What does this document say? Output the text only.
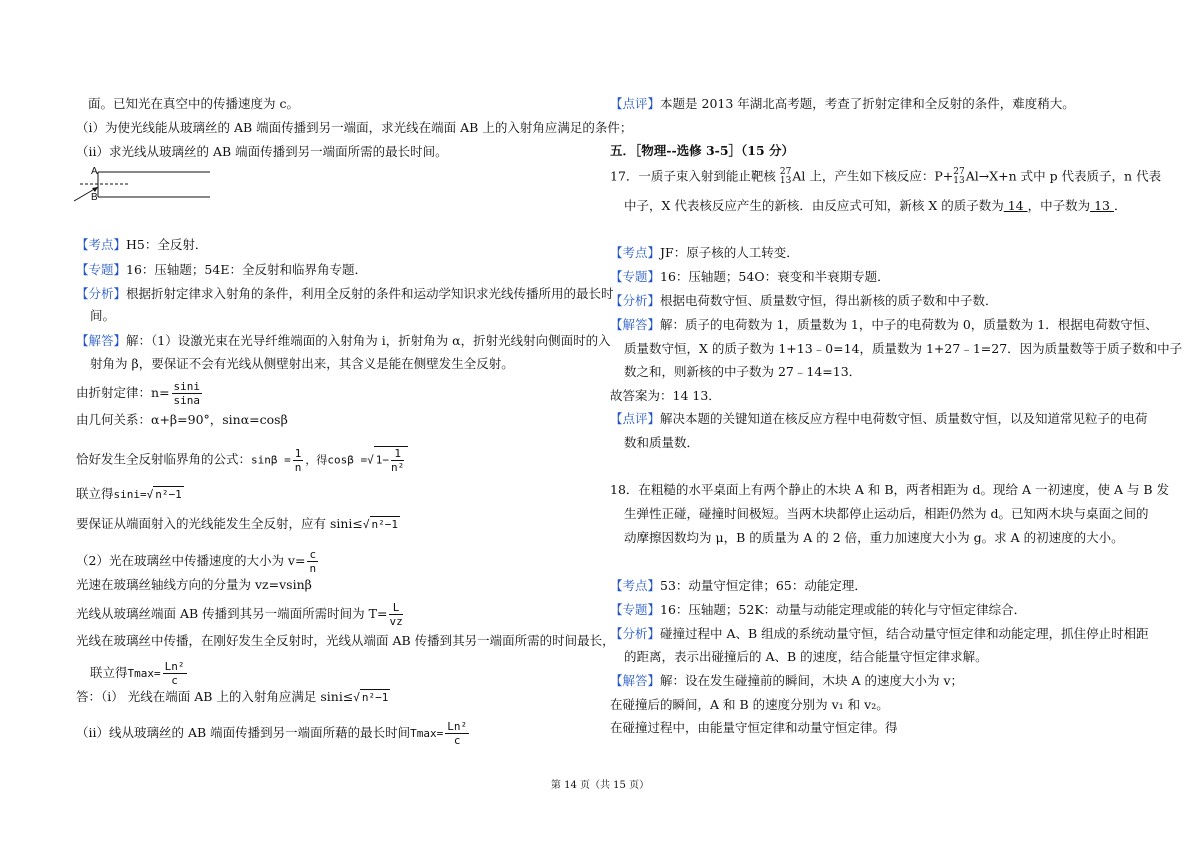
面。已知光在真空中的传播速度为 c。
（i）为使光线能从玻璃丝的 AB 端面传播到另一端面，求光线在端面 AB 上的入射角应满足的条件；
（ii）求光线从玻璃丝的 AB 端面传播到另一端面所需的最长时间。
A
B
【考点】H5：全反射．
【专题】16：压轴题；54E：全反射和临界角专题．
【分析】根据折射定律求入射角的条件，利用全反射的条件和运动学知识求光线传播所用的最长时
间。
【解答】解：（1）设激光束在光导纤维端面的入射角为 i，折射角为 α，折射光线射向侧面时的入
射角为 β，要保证不会有光线从侧壁射出来，其含义是能在侧壁发生全反射。
由折射定律：$n= \frac{\sin i}{\sin a}$
由几何关系：α+β=90°，sinα=cosβ
恰好发生全反射临界角的公式：$\sin\beta = \frac{1}{n}$ ，得cosβ =√ $1- \frac{1}{\text{n²}}$
联立得sini=√ n²−1
要保证从端面射入的光线能发生全反射，应有 sini≤√ n²−1
（2）光在玻璃丝中传播速度的大小为 $v= \frac{c}{n}$
光速在玻璃丝轴线方向的分量为 vz=vsinβ
光线从玻璃丝端面 AB 传播到其另一端面所需时间为 $T= \frac{L}{vz}$
光线在玻璃丝中传播，在刚好发生全反射时，光线从端面 AB 传播到其另一端面所需的时间最长，
联立得$Tmax= \frac{\text{Ln²}}{c}$
答：（i） 光线在端面 AB 上的入射角应满足 sini≤√ n²−1
（ii）线从玻璃丝的 AB 端面传播到另一端面所藉的最长时间$Tmax= \frac{\text{Ln²}}{c}$
【点评】本题是 2013 年湖北高考题，考查了折射定律和全反射的条件，难度稍大。
五．［物理--选修 3-5］（15 分）
17．一质子束入射到能止靶核 27
13 Al 上，产生如下核反应：P+ 27
13 Al→X+n 式中 p 代表质子，n 代表
中子，X 代表核反应产生的新核．由反应式可知，新核 X 的质子数为 14 ，中子数为 13 ．
【考点】JF：原子核的人工转变．
【专题】16：压轴题；54O：衰变和半衰期专题．
【分析】根据电荷数守恒、质量数守恒，得出新核的质子数和中子数．
【解答】解：质子的电荷数为 1，质量数为 1，中子的电荷数为 0，质量数为 1．根据电荷数守恒、
质量数守恒，X 的质子数为 1+13﹣0=14，质量数为 1+27﹣1=27．因为质量数等于质子数和中子
数之和，则新核的中子数为 27﹣14=13．
故答案为：14 13．
【点评】解决本题的关键知道在核反应方程中电荷数守恒、质量数守恒，以及知道常见粒子的电荷
数和质量数．
18．在粗糙的水平桌面上有两个静止的木块 A 和 B，两者相距为 d。现给 A 一初速度，使 A 与 B 发
生弹性正碰，碰撞时间极短。当两木块都停止运动后，相距仍然为 d。已知两木块与桌面之间的
动摩擦因数均为 μ，B 的质量为 A 的 2 倍，重力加速度大小为 g。求 A 的初速度的大小。
【考点】53：动量守恒定律；65：动能定理．
【专题】16：压轴题；52K：动量与动能定理或能的转化与守恒定律综合．
【分析】碰撞过程中 A、B 组成的系统动量守恒，结合动量守恒定律和动能定理，抓住停止时相距
的距离，表示出碰撞后的 A、B 的速度，结合能量守恒定律求解。
【解答】解：设在发生碰撞前的瞬间，木块 A 的速度大小为 v；
在碰撞后的瞬间，A 和 B 的速度分别为 v₁ 和 v₂。
在碰撞过程中，由能量守恒定律和动量守恒定律。得
第 14 页（共 15 页）
